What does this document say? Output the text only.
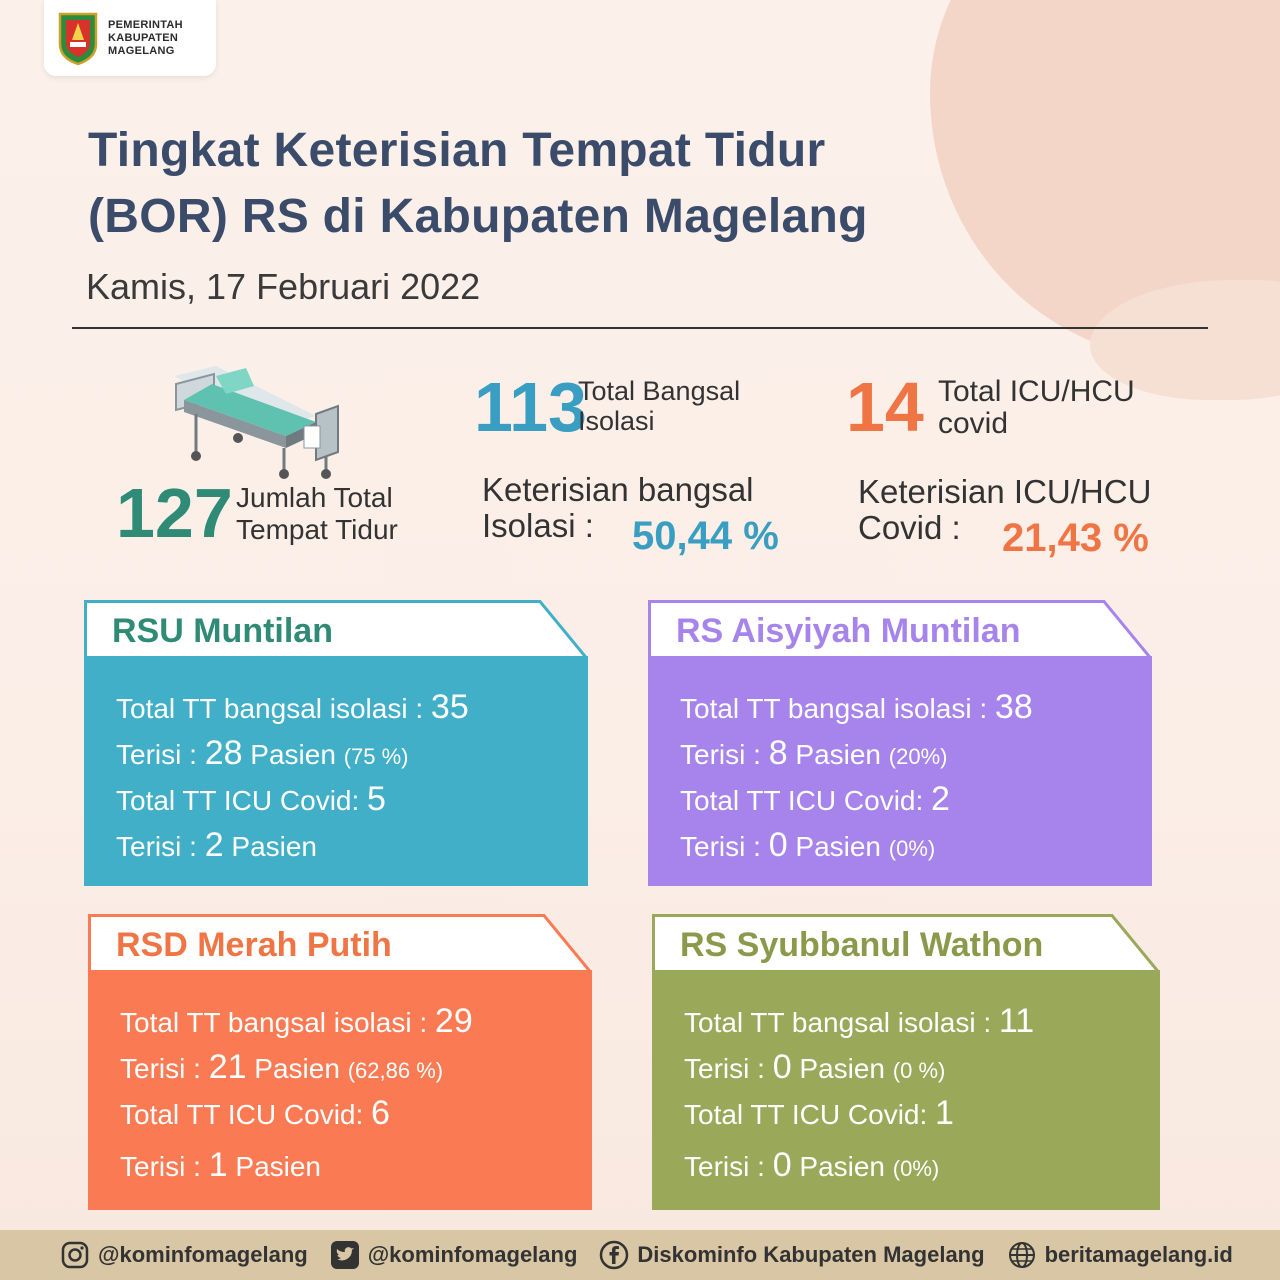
PEMERINTAH
KABUPATEN
MAGELANG
Tingkat Keterisian Tempat Tidur
(BOR) RS di Kabupaten Magelang
Kamis, 17 Februari 2022
127 Jumlah Total
Tempat Tidur
113
Total Bangsal
Isolasi	14 Total ICU/HCU
covid
Keterisian bangsal
Isolasi : 50,44 %
Keterisian ICU/HCU
Covid :	21,43 %
RSU Muntilan
Total TT bangsal isolasi : 35
Terisi : 28 Pasien (75 %)
Total TT ICU Covid: 5
Terisi : 2 Pasien
RS Aisyiyah Muntilan
Total TT bangsal isolasi : 38
Terisi : 8 Pasien (20%)
Total TT ICU Covid: 2
Terisi : 0 Pasien (0%)
RSD Merah Putih
Total TT bangsal isolasi : 29
Terisi : 21 Pasien (62,86 %)
Total TT ICU Covid: 6
Terisi : 1 Pasien
RS Syubbanul Wathon
Total TT bangsal isolasi : 11
Terisi : 0 Pasien (0 %)
Total TT ICU Covid: 1
Terisi : 0 Pasien (0%)
@kominfomagelang	@kominfomagelang	Diskominfo Kabupaten Magelang	beritamagelang.id
